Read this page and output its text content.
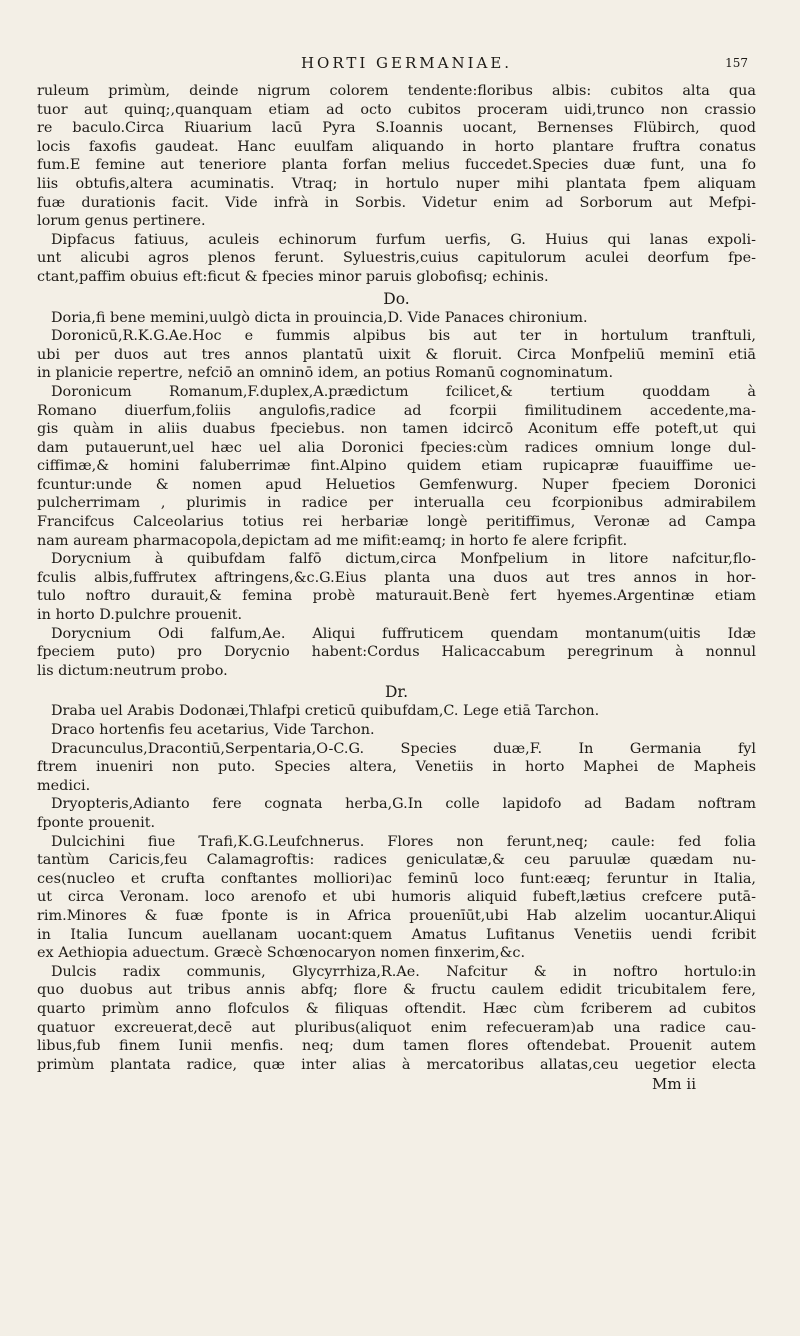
HORTI GERMANIAE.	157
ruleum primùm, deinde nigrum colorem tendente:floribus albis: cubitos alta qua
tuor aut quinq;,quanquam etiam ad octo cubitos proceram uidi,trunco non crassio
re baculo.Circa Riuarium lacū Pyra S.Ioannis uocant, Bernenses Flübirch, quod
locis faxofis gaudeat. Hanc euulfam aliquando in horto plantare fruftra conatus
fum.E femine aut teneriore planta forfan melius fuccedet.Species duæ funt, una fo
liis obtufis,altera acuminatis. Vtraq; in hortulo nuper mihi plantata fpem aliquam
fuæ durationis facit. Vide infrà in Sorbis. Videtur enim ad Sorborum aut Mefpi-
lorum genus pertinere.
Dipfacus fatiuus, aculeis echinorum furfum uerfis, G. Huius qui lanas expoli-
unt alicubi agros plenos ferunt. Syluestris,cuius capitulorum aculei deorfum fpe-
ctant,paffim obuius eft:ficut & fpecies minor paruis globofisq; echinis.
Do.
Doria,fi bene memini,uulgò dicta in prouincia,D. Vide Panaces chironium.
Doronicū,R.K.G.Ae.Hoc e fummis alpibus bis aut ter in hortulum tranftuli,
ubi per duos aut tres annos plantatū uixit & floruit. Circa Monfpeliū meminī etiā
in planicie repertre, nefciō an omninō idem, an potius Romanū cognominatum.
Doronicum Romanum,F.duplex,A.prædictum fcilicet,& tertium quoddam à
Romano diuerfum,foliis angulofis,radice ad fcorpii fimilitudinem accedente,ma-
gis quàm in aliis duabus fpeciebus. non tamen idcircō Aconitum effe poteft,ut qui
dam putauerunt,uel hæc uel alia Doronici fpecies:cùm radices omnium longe dul-
ciffimæ,& homini faluberrimæ fint.Alpino quidem etiam rupicapræ fuauiffime ue-
fcuntur:unde & nomen apud Heluetios Gemfenwurg. Nuper fpeciem Doronici
pulcherrimam , plurimis in radice per interualla ceu fcorpionibus admirabilem
Francifcus Calceolarius totius rei herbariæ longè peritiffimus, Veronæ ad Campa
nam auream pharmacopola,depictam ad me mifit:eamq; in horto fe alere fcripfit.
Dorycnium à quibufdam falfō dictum,circa Monfpelium in litore nafcitur,flo-
fculis albis,fuffrutex aftringens,&c.G.Eius planta una duos aut tres annos in hor-
tulo noftro durauit,& femina probè maturauit.Benè fert hyemes.Argentinæ etiam
in horto D.pulchre prouenit.
Dorycnium Odi falfum,Ae. Aliqui fuffruticem quendam montanum(uitis Idæ
fpeciem puto) pro Dorycnio habent:Cordus Halicaccabum peregrinum à nonnul
lis dictum:neutrum probo.
Dr.
Draba uel Arabis Dodonæi,Thlafpi creticū quibufdam,C. Lege etiā Tarchon.
Draco hortenfis feu acetarius, Vide Tarchon.
Dracunculus,Dracontiū,Serpentaria,O-C.G. Species duæ,F. In Germania fyl
ftrem inueniri non puto. Species altera, Venetiis in horto Maphei de Mapheis
medici.
Dryopteris,Adianto fere cognata herba,G.In colle lapidofo ad Badam noftram
fponte prouenit.
Dulcichini fiue Trafi,K.G.Leufchnerus. Flores non ferunt,neq; caule: fed folia
tantùm Caricis,feu Calamagroftis: radices geniculatæ,& ceu paruulæ quædam nu-
ces(nucleo et crufta conftantes molliori)ac feminū loco funt:eæq; feruntur in Italia,
ut circa Veronam. loco arenofo et ubi humoris aliquid fubeft,lætius crefcere putā-
rim.Minores & fuæ fponte is in Africa prouenīūt,ubi Hab alzelim uocantur.Aliqui
in Italia Iuncum auellanam uocant:quem Amatus Lufitanus Venetiis uendi fcribit
ex Aethiopia aduectum. Græcè Schœnocaryon nomen finxerim,&c.
Dulcis radix communis, Glycyrrhiza,R.Ae. Nafcitur & in noftro hortulo:in
quo duobus aut tribus annis abfq; flore & fructu caulem edidit tricubitalem fere,
quarto primùm anno flofculos & filiquas oftendit. Hæc cùm fcriberem ad cubitos
quatuor excreuerat,decē aut pluribus(aliquot enim refecueram)ab una radice cau-
libus,fub finem Iunii menfis. neq; dum tamen flores oftendebat. Prouenit autem
primùm plantata radice, quæ inter alias à mercatoribus allatas,ceu uegetior electa
Mm ii
